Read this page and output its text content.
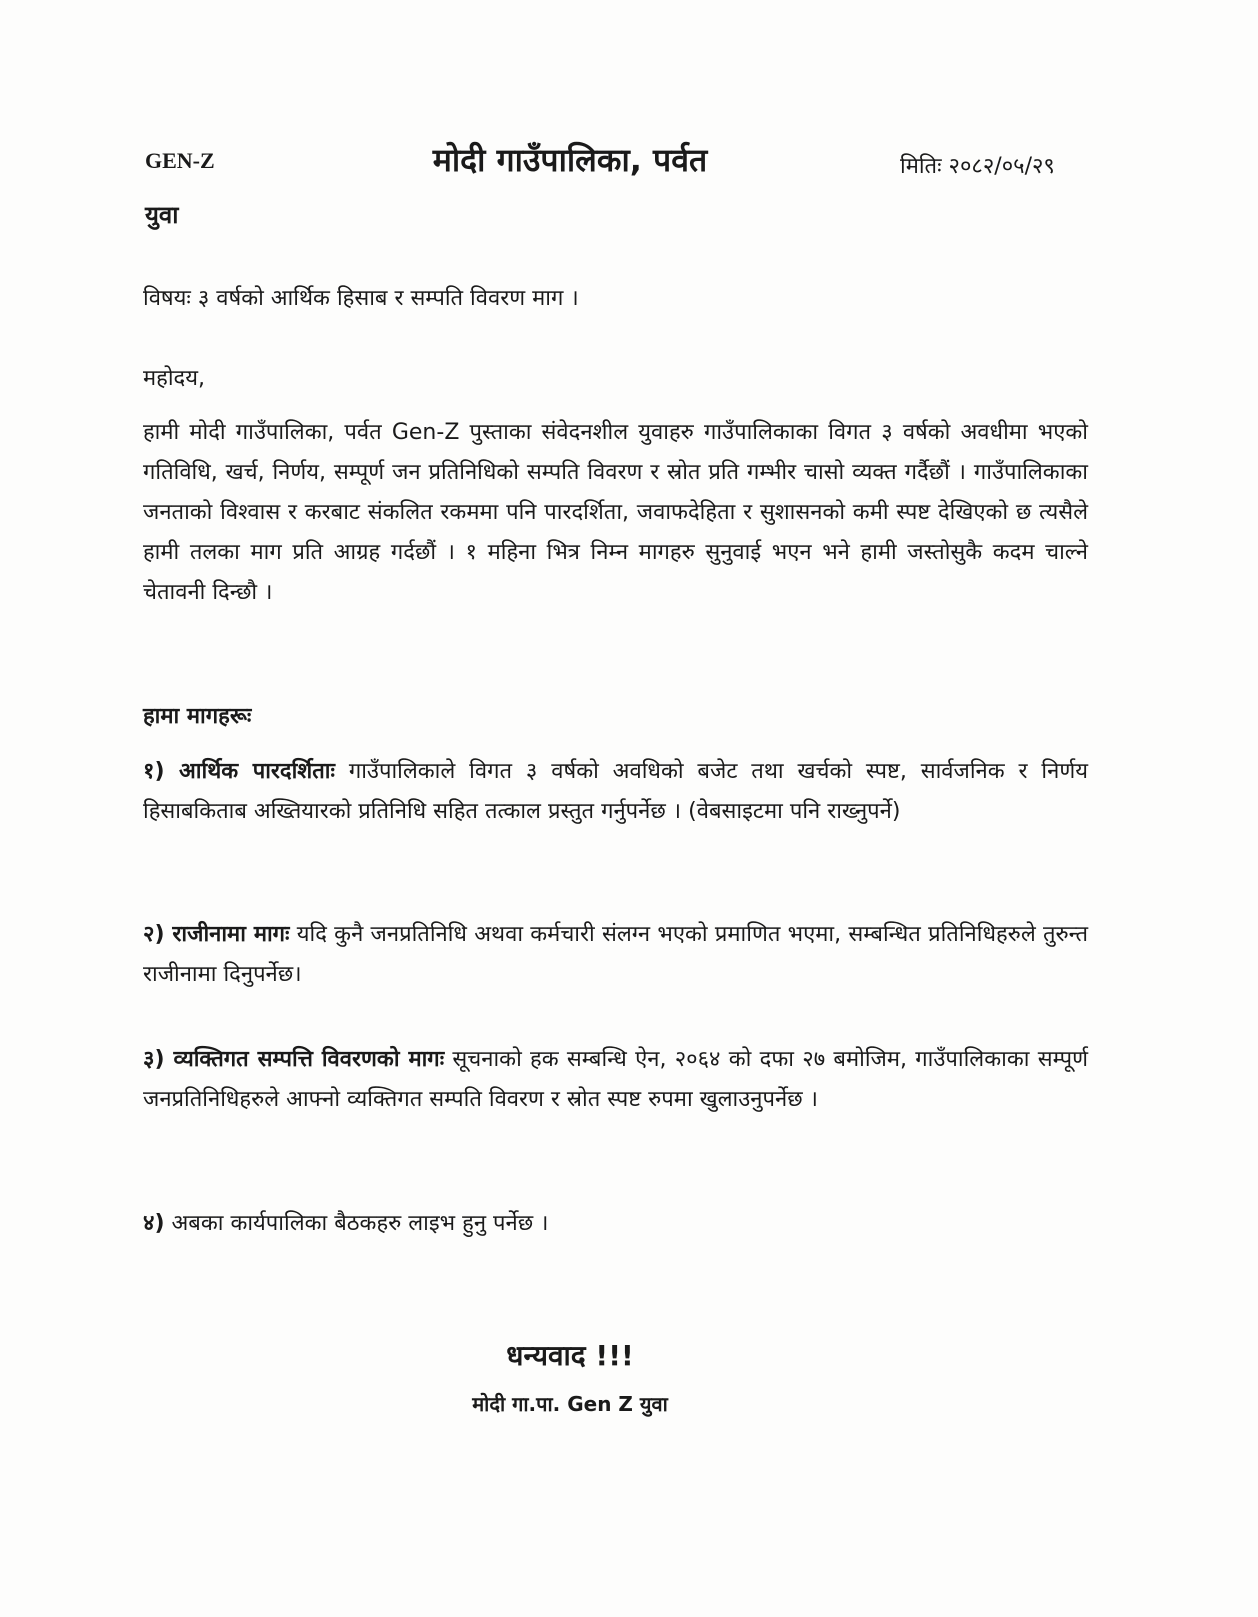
GEN-Z
युवा
मोदी गाउँपालिका, पर्वत	मितिः २०८२/०५/२९
विषयः ३ वर्षको आर्थिक हिसाब र सम्पति विवरण माग ।
महोदय,
हामी मोदी गाउँपालिका, पर्वत Gen-Z पुस्ताका संवेदनशील युवाहरु गाउँपालिकाका विगत ३ वर्षको अवधीमा भएको गतिविधि, खर्च, निर्णय, सम्पूर्ण जन प्रतिनिधिको सम्पति विवरण र स्रोत प्रति गम्भीर चासो व्यक्त गर्दैछौं । गाउँपालिकाका जनताको विश्वास र करबाट संकलित रकममा पनि पारदर्शिता, जवाफदेहिता र सुशासनको कमी स्पष्ट देखिएको छ त्यसैले हामी तलका माग प्रति आग्रह गर्दछौं । १ महिना भित्र निम्न मागहरु सुनुवाई भएन भने हामी जस्तोसुकै कदम चाल्ने चेतावनी दिन्छौ ।
हामा मागहरूः
१) आर्थिक पारदर्शिताः गाउँपालिकाले विगत ३ वर्षको अवधिको बजेट तथा खर्चको स्पष्ट, सार्वजनिक र निर्णय हिसाबकिताब अख्तियारको प्रतिनिधि सहित तत्काल प्रस्तुत गर्नुपर्नेछ । (वेबसाइटमा पनि राख्नुपर्ने)
२) राजीनामा मागः यदि कुनै जनप्रतिनिधि अथवा कर्मचारी संलग्न भएको प्रमाणित भएमा, सम्बन्धित प्रतिनिधिहरुले तुरुन्त राजीनामा दिनुपर्नेछ।
३) व्यक्तिगत सम्पत्ति विवरणको मागः सूचनाको हक सम्बन्धि ऐन, २०६४ को दफा २७ बमोजिम, गाउँपालिकाका सम्पूर्ण जनप्रतिनिधिहरुले आफ्नो व्यक्तिगत सम्पति विवरण र स्रोत स्पष्ट रुपमा खुलाउनुपर्नेछ ।
४) अबका कार्यपालिका बैठकहरु लाइभ हुनु पर्नेछ ।
धन्यवाद !!!
मोदी गा.पा. Gen Z युवा
